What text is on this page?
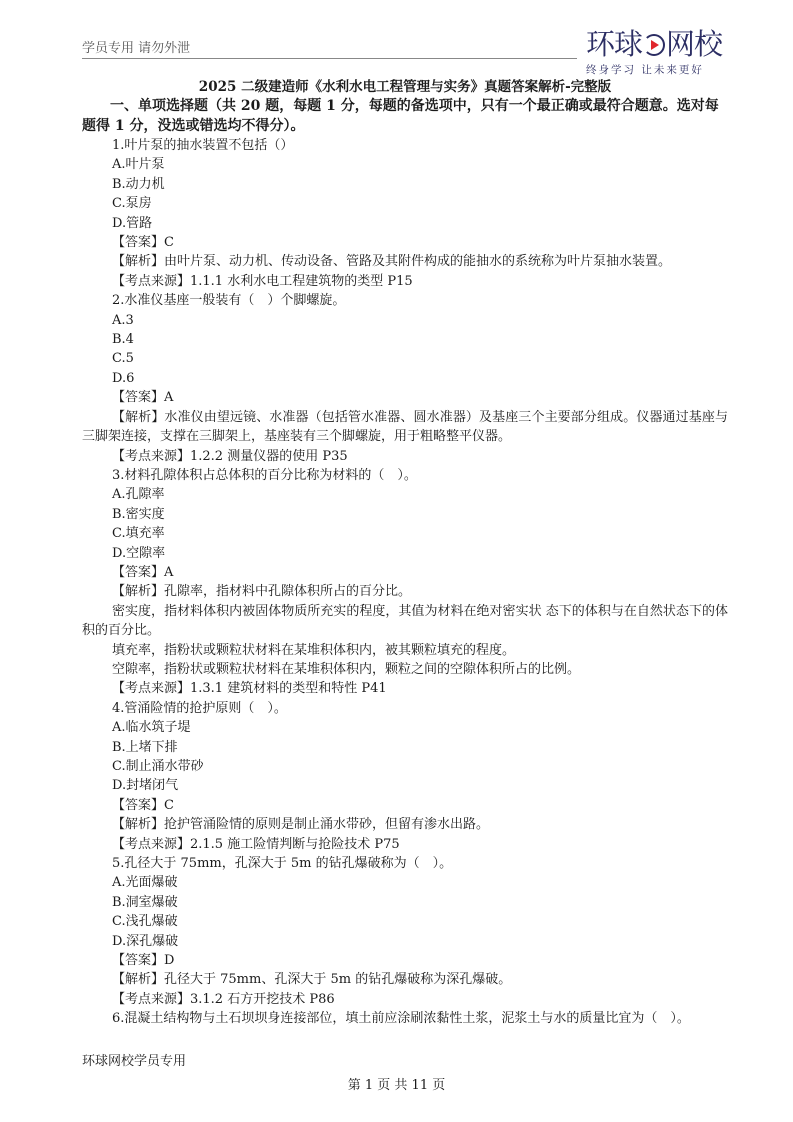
学员专用 请勿外泄	环球 网校
终身学习 让未来更好
2025 二级建造师《水利水电工程管理与实务》真题答案解析-完整版
一、单项选择题（共 20 题，每题 1 分，每题的备选项中，只有一个最正确或最符合题意。选对每题得 1 分，没选或错选均不得分）。
1.叶片泵的抽水装置不包括（）
A.叶片泵
B.动力机
C.泵房
D.管路
【答案】C
【解析】由叶片泵、动力机、传动设备、管路及其附件构成的能抽水的系统称为叶片泵抽水装置。
【考点来源】1.1.1 水利水电工程建筑物的类型 P15
2.水准仪基座一般装有（　）个脚螺旋。
A.3
B.4
C.5
D.6
【答案】A
【解析】水准仪由望远镜、水准器（包括管水准器、圆水准器）及基座三个主要部分组成。仪器通过基座与三脚架连接，支撑在三脚架上，基座装有三个脚螺旋，用于粗略整平仪器。
【考点来源】1.2.2 测量仪器的使用 P35
3.材料孔隙体积占总体积的百分比称为材料的（　）。
A.孔隙率
B.密实度
C.填充率
D.空隙率
【答案】A
【解析】孔隙率，指材料中孔隙体积所占的百分比。
密实度，指材料体积内被固体物质所充实的程度，其值为材料在绝对密实状 态下的体积与在自然状态下的体积的百分比。
填充率，指粉状或颗粒状材料在某堆积体积内，被其颗粒填充的程度。
空隙率，指粉状或颗粒状材料在某堆积体积内，颗粒之间的空隙体积所占的比例。
【考点来源】1.3.1 建筑材料的类型和特性 P41
4.管涌险情的抢护原则（　）。
A.临水筑子堤
B.上堵下排
C.制止涌水带砂
D.封堵闭气
【答案】C
【解析】抢护管涌险情的原则是制止涌水带砂，但留有渗水出路。
【考点来源】2.1.5 施工险情判断与抢险技术 P75
5.孔径大于 75mm，孔深大于 5m 的钻孔爆破称为（　）。
A.光面爆破
B.洞室爆破
C.浅孔爆破
D.深孔爆破
【答案】D
【解析】孔径大于 75mm、孔深大于 5m 的钻孔爆破称为深孔爆破。
【考点来源】3.1.2 石方开挖技术 P86
6.混凝土结构物与土石坝坝身连接部位，填土前应涂刷浓黏性土浆，泥浆土与水的质量比宜为（　）。
环球网校学员专用
第 1 页 共 11 页
